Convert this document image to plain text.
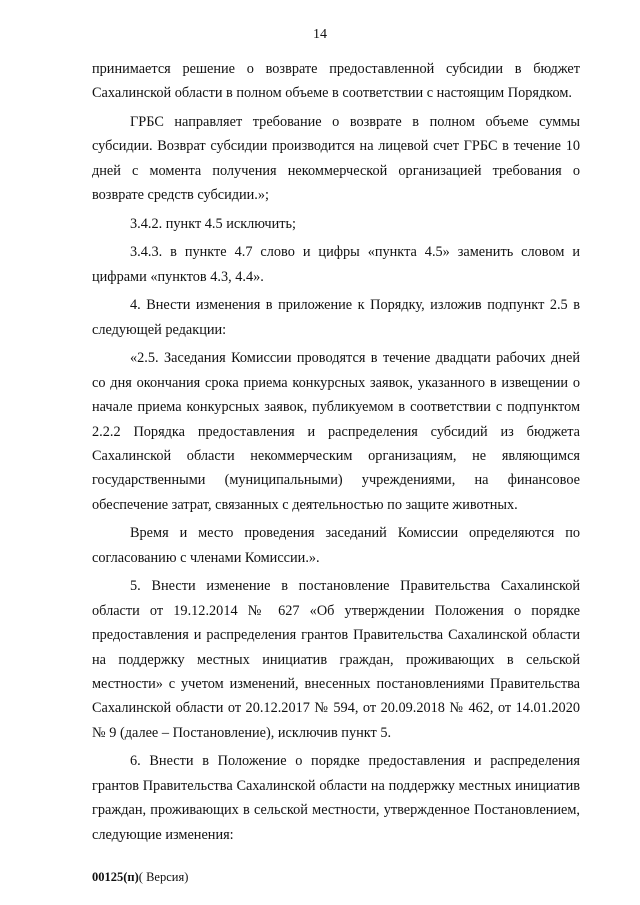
14

принимается решение о возврате предоставленной субсидии в бюджет Сахалинской области в полном объеме в соответствии с настоящим Порядком.

ГРБС направляет требование о возврате в полном объеме суммы субсидии. Возврат субсидии производится на лицевой счет ГРБС в течение 10 дней с момента получения некоммерческой организацией требования о возврате средств субсидии.»;

3.4.2. пункт 4.5 исключить;

3.4.3. в пункте 4.7 слово и цифры «пункта 4.5» заменить словом и цифрами «пунктов 4.3, 4.4».

4. Внести изменения в приложение к Порядку, изложив подпункт 2.5 в следующей редакции:

«2.5. Заседания Комиссии проводятся в течение двадцати рабочих дней со дня окончания срока приема конкурсных заявок, указанного в извещении о начале приема конкурсных заявок, публикуемом в соответствии с подпунктом 2.2.2 Порядка предоставления и распределения субсидий из бюджета Сахалинской области некоммерческим организациям, не являющимся государственными (муниципальными) учреждениями, на финансовое обеспечение затрат, связанных с деятельностью по защите животных.

Время и место проведения заседаний Комиссии определяются по согласованию с членами Комиссии.».

5. Внести изменение в постановление Правительства Сахалинской области от 19.12.2014 № 627 «Об утверждении Положения о порядке предоставления и распределения грантов Правительства Сахалинской области на поддержку местных инициатив граждан, проживающих в сельской местности» с учетом изменений, внесенных постановлениями Правительства Сахалинской области от 20.12.2017 № 594, от 20.09.2018 № 462, от 14.01.2020 № 9 (далее – Постановление), исключив пункт 5.

6. Внести в Положение о порядке предоставления и распределения грантов Правительства Сахалинской области на поддержку местных инициатив граждан, проживающих в сельской местности, утвержденное Постановлением, следующие изменения:

00125(п)( Версия)
